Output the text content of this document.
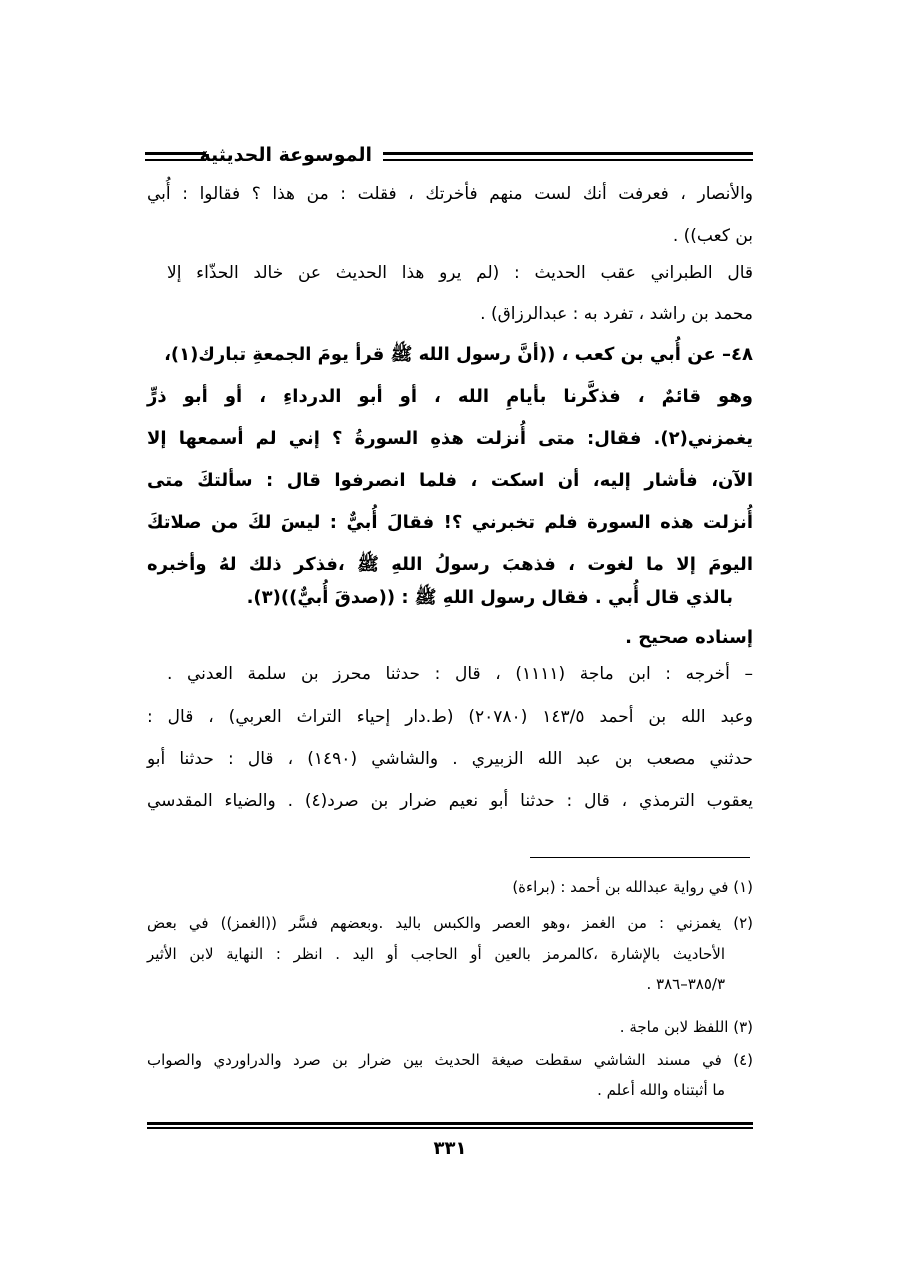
الموسوعة الحديثية
والأنصار ، فعرفت أنك لست منهم فأخرتك ، فقلت : من هذا ؟ فقالوا : أُبي
بن كعب)) .
قال الطبراني عقب الحديث : (لم يرو هذا الحديث عن خالد الحذّاء إلا
محمد بن راشد ، تفرد به : عبدالرزاق) .
٤٨– عن أُبي بن كعب ، ((أنَّ رسول الله ﷺ قرأ يومَ الجمعةِ تبارك(١)،
وهو قائمٌ ، فذكَّرنا بأيامِ الله ، أو أبو الدرداءِ ، أو أبو ذرٍّ
يغمزني(٢). فقال: متى أُنزلت هذهِ السورةُ ؟ إني لم أسمعها إلا
الآن، فأشار إليه، أن اسكت ، فلما انصرفوا قال : سألتكَ متى
أُنزلت هذه السورة فلم تخبرني ؟! فقالَ أُبيٌّ : ليسَ لكَ من صلاتكَ
اليومَ إلا ما لغوت ، فذهبَ رسولُ اللهِ ﷺ ،فذكر ذلك لهُ وأخبره
بالذي قال أُبي . فقال رسول اللهِ ﷺ : ((صدقَ أُبيٌّ))(٣).
إسناده صحيح .
– أخرجه : ابن ماجة (١١١١) ، قال : حدثنا محرز بن سلمة العدني .
وعبد الله بن أحمد ١٤٣/٥ (٢٠٧٨٠) (ط.دار إحياء التراث العربي) ، قال :
حدثني مصعب بن عبد الله الزبيري . والشاشي (١٤٩٠) ، قال : حدثنا أبو
يعقوب الترمذي ، قال : حدثنا أبو نعيم ضرار بن صرد(٤) . والضياء المقدسي
(١) في رواية عبدالله بن أحمد : (براءة)
(٢) يغمزني : من الغمز ،وهو العصر والكبس باليد .وبعضهم فسَّر ((الغمز)) في بعض
الأحاديث بالإشارة ،كالمرمز بالعين أو الحاجب أو اليد . انظر : النهاية لابن الأثير
٣٨٥/٣–٣٨٦ .
(٣) اللفظ لابن ماجة .
(٤) في مسند الشاشي سقطت صيغة الحديث بين ضرار بن صرد والدراوردي والصواب
ما أثبتناه والله أعلم .
٣٣١
